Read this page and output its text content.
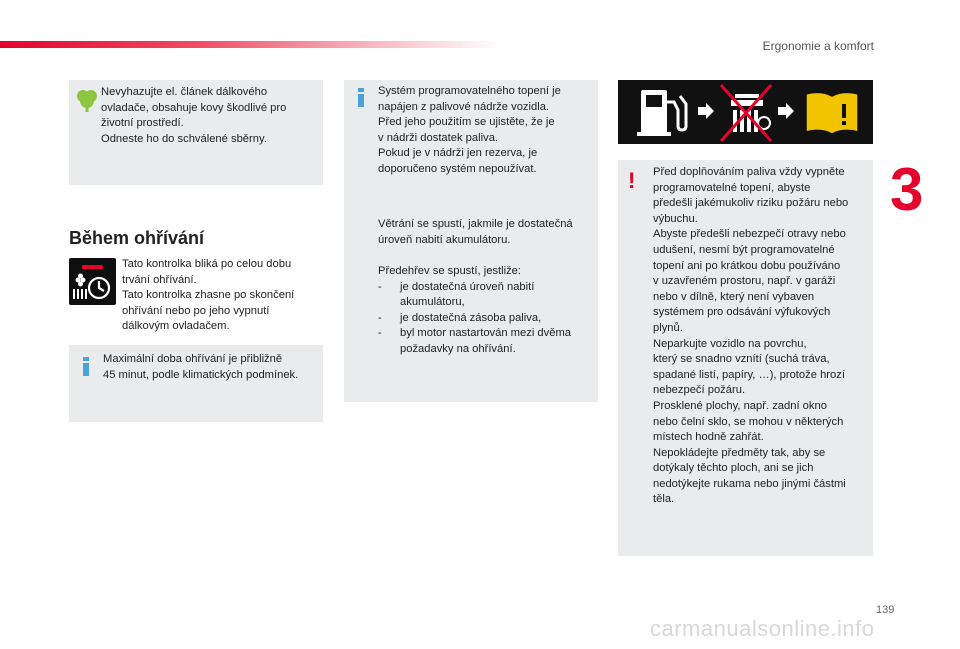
Ergonomie a komfort
3

Nevyhazujte el. článek dálkového

ovladače, obsahuje kovy škodlivé pro

životní prostředí.

Odneste ho do schválené sběrny.

Během ohřívání

Tato kontrolka bliká po celou dobu

trvání ohřívání.

Tato kontrolka zhasne po skončení

ohřívání nebo po jeho vypnutí

dálkovým ovladačem.

Maximální doba ohřívání je přibližně

45 minut, podle klimatických podmínek.

Systém programovatelného topení je

napájen z palivové nádrže vozidla.

Před jeho použitím se ujistěte, že je

v nádrži dostatek paliva.

Pokud je v nádrži jen rezerva, je

doporučeno systém nepoužívat.

Větrání se spustí, jakmile je dostatečná

úroveň nabití akumulátoru.

Předehřev se spustí, jestliže:

- je dostatečná úroveň nabití
akumulátoru,
- je dostatečná zásoba paliva,
- byl motor nastartován mezi dvěma
požadavky na ohřívání.
! Před doplňováním paliva vždy vypněte

programovatelné topení, abyste

předešli jakémukoliv riziku požáru nebo

výbuchu.

Abyste předešli nebezpečí otravy nebo

udušení, nesmí být programovatelné

topení ani po krátkou dobu používáno

v uzavřeném prostoru, např. v garáži

nebo v dílně, který není vybaven

systémem pro odsávání výfukových

plynů.

Neparkujte vozidlo na povrchu,

který se snadno vznítí (suchá tráva,

spadané listí, papíry, …), protože hrozí

nebezpečí požáru.

Prosklené plochy, např. zadní okno

nebo čelní sklo, se mohou v některých

místech hodně zahřát.

Nepokládejte předměty tak, aby se

dotýkaly těchto ploch, ani se jich

nedotýkejte rukama nebo jinými částmi

těla.

139
carmanualsonline.info
